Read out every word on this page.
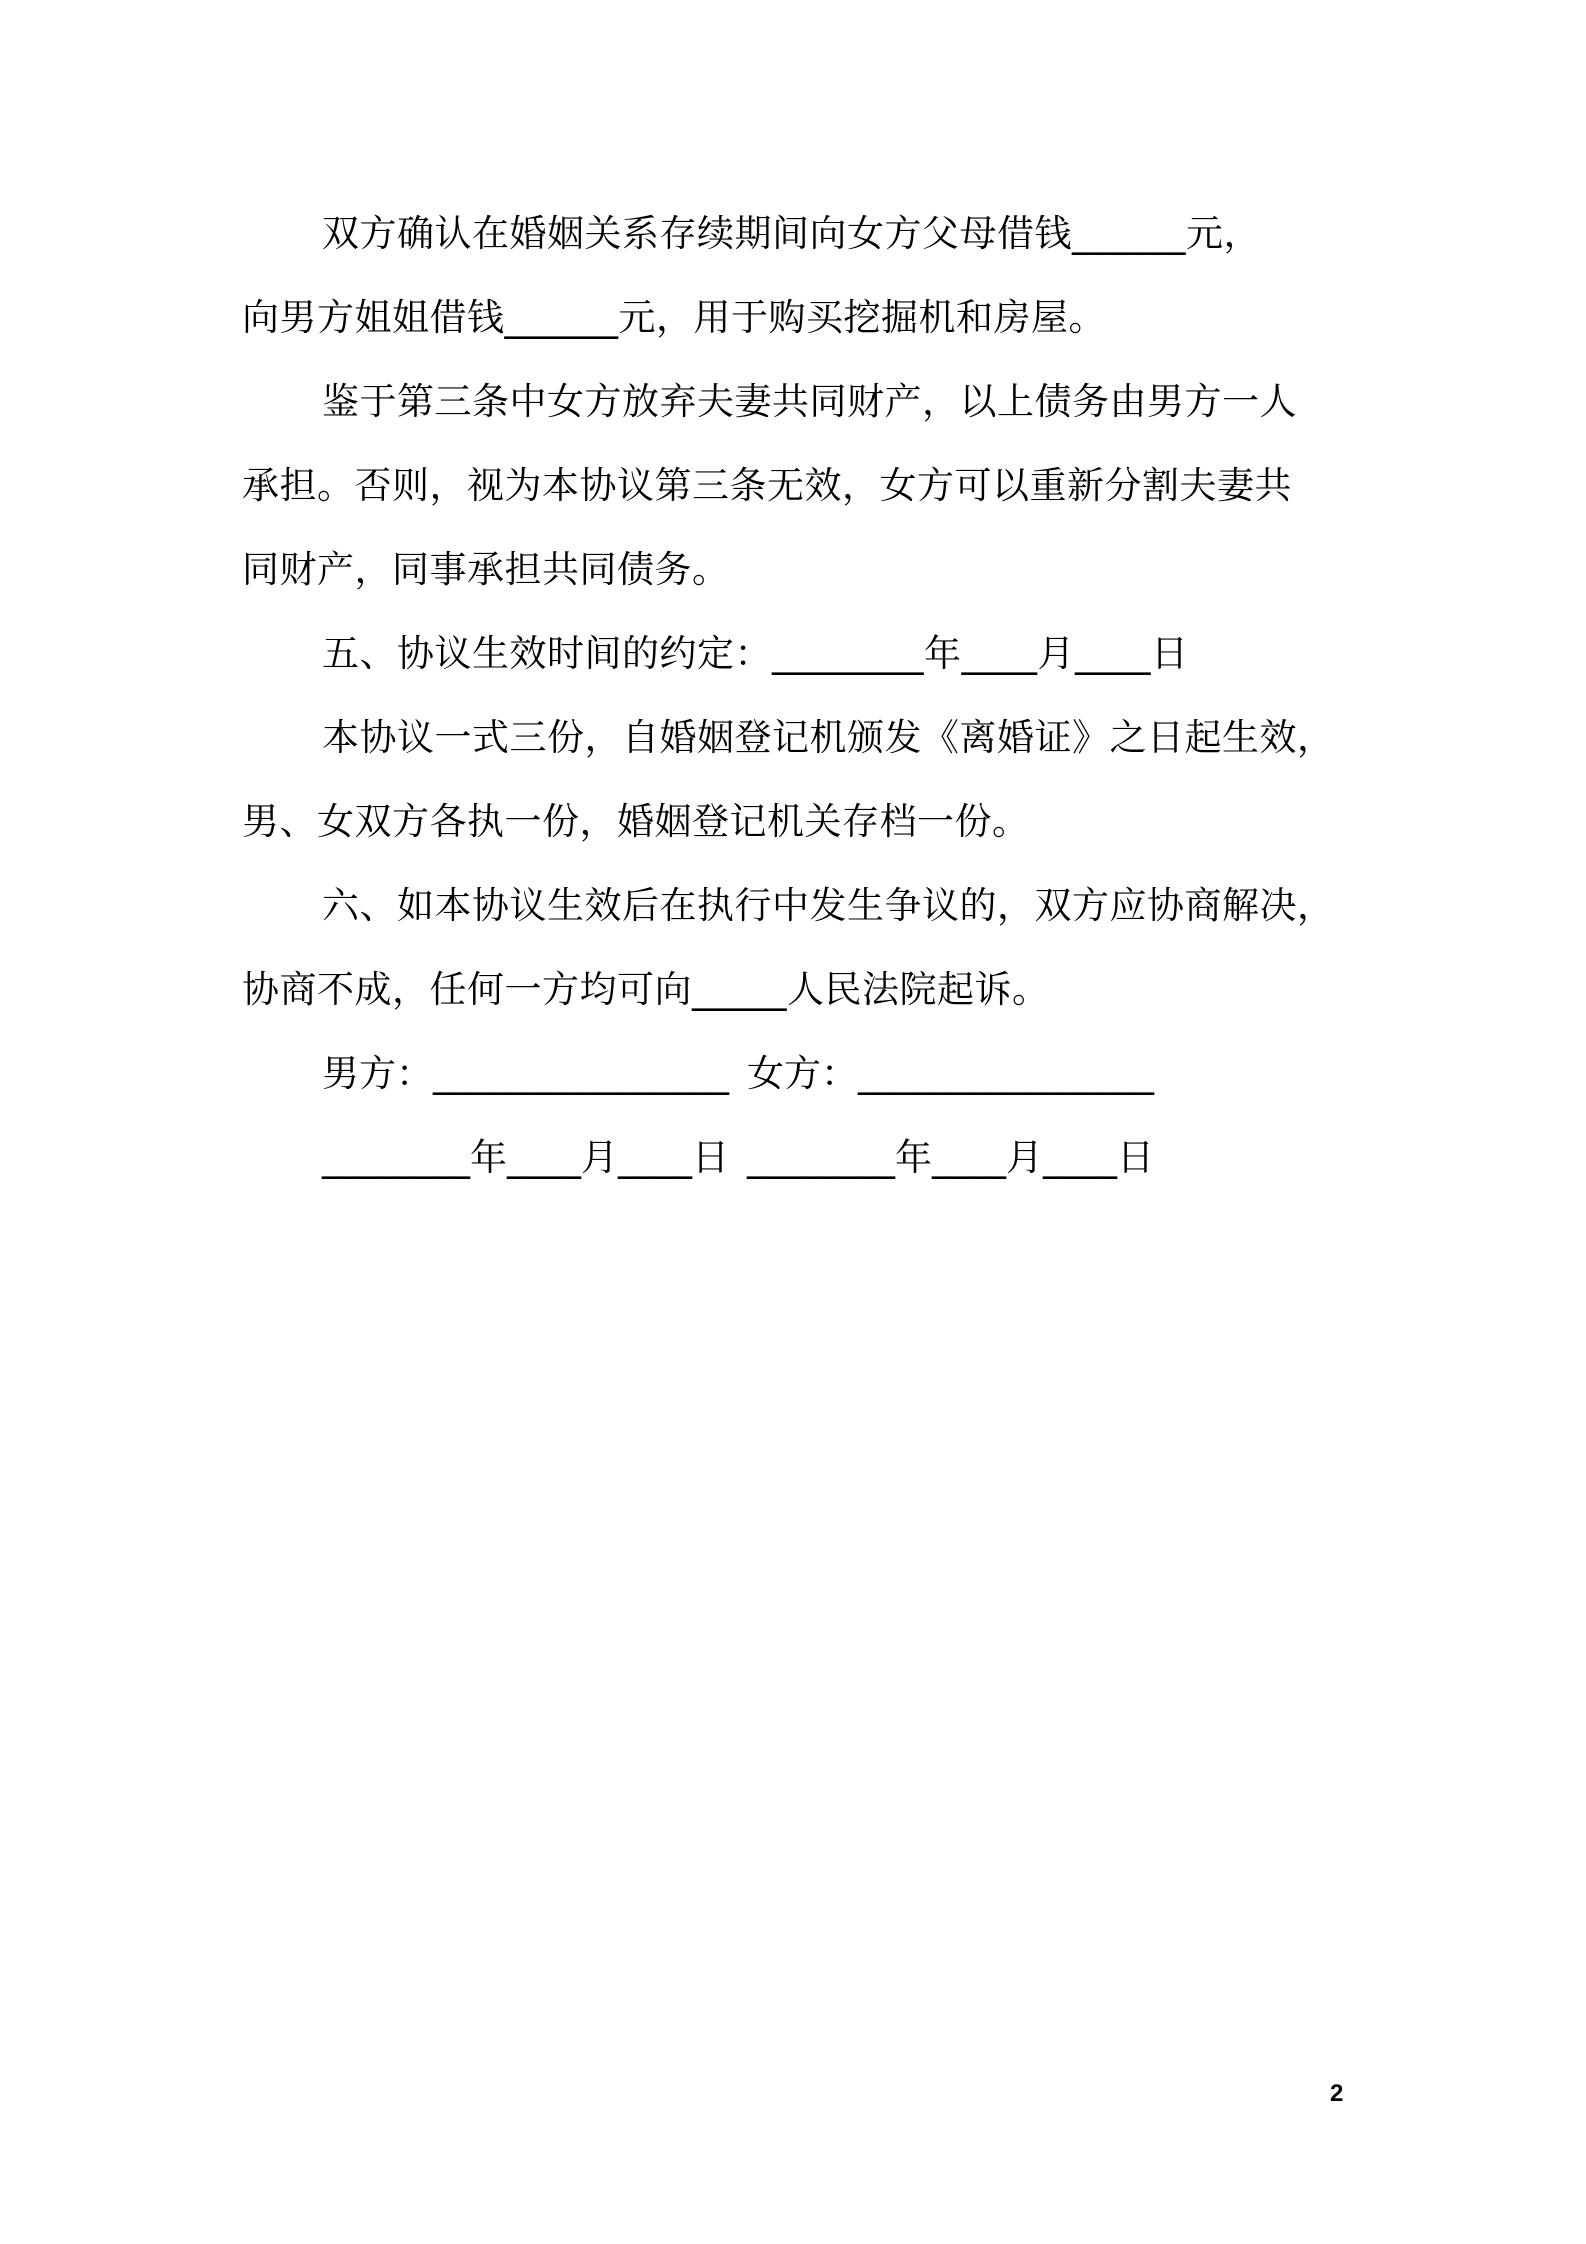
双方确认在婚姻关系存续期间向女方父母借钱______元，
向男方姐姐借钱______元，用于购买挖掘机和房屋。

鉴于第三条中女方放弃夫妻共同财产，以上债务由男方一人
承担。否则，视为本协议第三条无效，女方可以重新分割夫妻共
同财产，同事承担共同债务。

五、协议生效时间的约定：________年____月____日

本协议一式三份，自婚姻登记机颁发《离婚证》之日起生效，
男、女双方各执一份，婚姻登记机关存档一份。

六、如本协议生效后在执行中发生争议的，双方应协商解决，
协商不成，任何一方均可向_____人民法院起诉。

男方：________________ 女方：________________
________年____月____日 ________年____月____日
2
